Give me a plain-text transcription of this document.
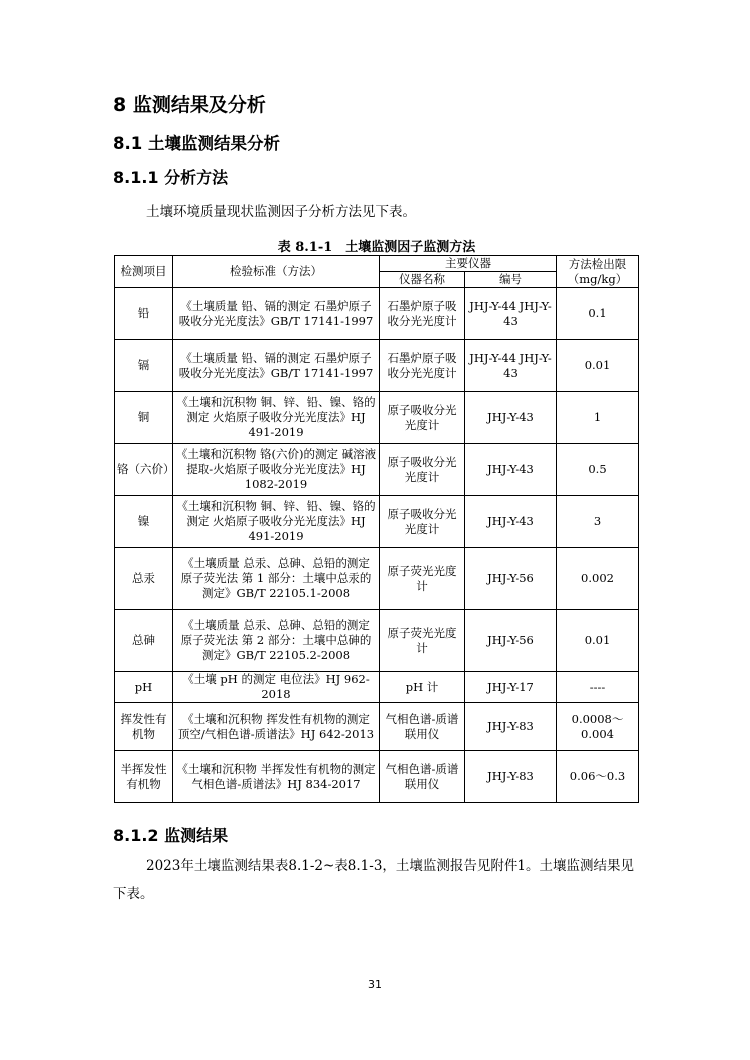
8 监测结果及分析
8.1 土壤监测结果分析
8.1.1 分析方法
土壤环境质量现状监测因子分析方法见下表。
表 8.1-1　土壤监测因子监测方法
检测项目	检验标准（方法）	主要仪器		方法检出限（mg/kg）
		仪器名称	编号	
铅	《土壤质量 铅、镉的测定 石墨炉原子吸收分光光度法》GB/T 17141-1997	石墨炉原子吸收分光光度计	JHJ-Y-44 JHJ-Y-43	0.1
镉	《土壤质量 铅、镉的测定 石墨炉原子吸收分光光度法》GB/T 17141-1997	石墨炉原子吸收分光光度计	JHJ-Y-44 JHJ-Y-43	0.01
铜	《土壤和沉积物 铜、锌、铅、镍、铬的测定 火焰原子吸收分光光度法》HJ 491-2019	原子吸收分光光度计	JHJ-Y-43	1
铬（六价）	《土壤和沉积物 铬(六价)的测定 碱溶液提取-火焰原子吸收分光光度法》HJ 1082-2019	原子吸收分光光度计	JHJ-Y-43	0.5
镍	《土壤和沉积物 铜、锌、铅、镍、铬的测定 火焰原子吸收分光光度法》HJ 491-2019	原子吸收分光光度计	JHJ-Y-43	3
总汞	《土壤质量 总汞、总砷、总铅的测定 原子荧光法 第 1 部分：土壤中总汞的测定》GB/T 22105.1-2008	原子荧光光度计	JHJ-Y-56	0.002
总砷	《土壤质量 总汞、总砷、总铅的测定 原子荧光法 第 2 部分：土壤中总砷的测定》GB/T 22105.2-2008	原子荧光光度计	JHJ-Y-56	0.01
pH	《土壤 pH 的测定 电位法》HJ 962-2018	pH 计	JHJ-Y-17	----
挥发性有机物	《土壤和沉积物 挥发性有机物的测定 顶空/气相色谱-质谱法》HJ 642-2013	气相色谱-质谱联用仪	JHJ-Y-83	0.0008～0.004
半挥发性有机物	《土壤和沉积物 半挥发性有机物的测定 气相色谱-质谱法》HJ 834-2017	气相色谱-质谱联用仪	JHJ-Y-83	0.06～0.3
8.1.2 监测结果
2023年土壤监测结果表8.1-2~表8.1-3，土壤监测报告见附件1。土壤监测结果见下表。
31
